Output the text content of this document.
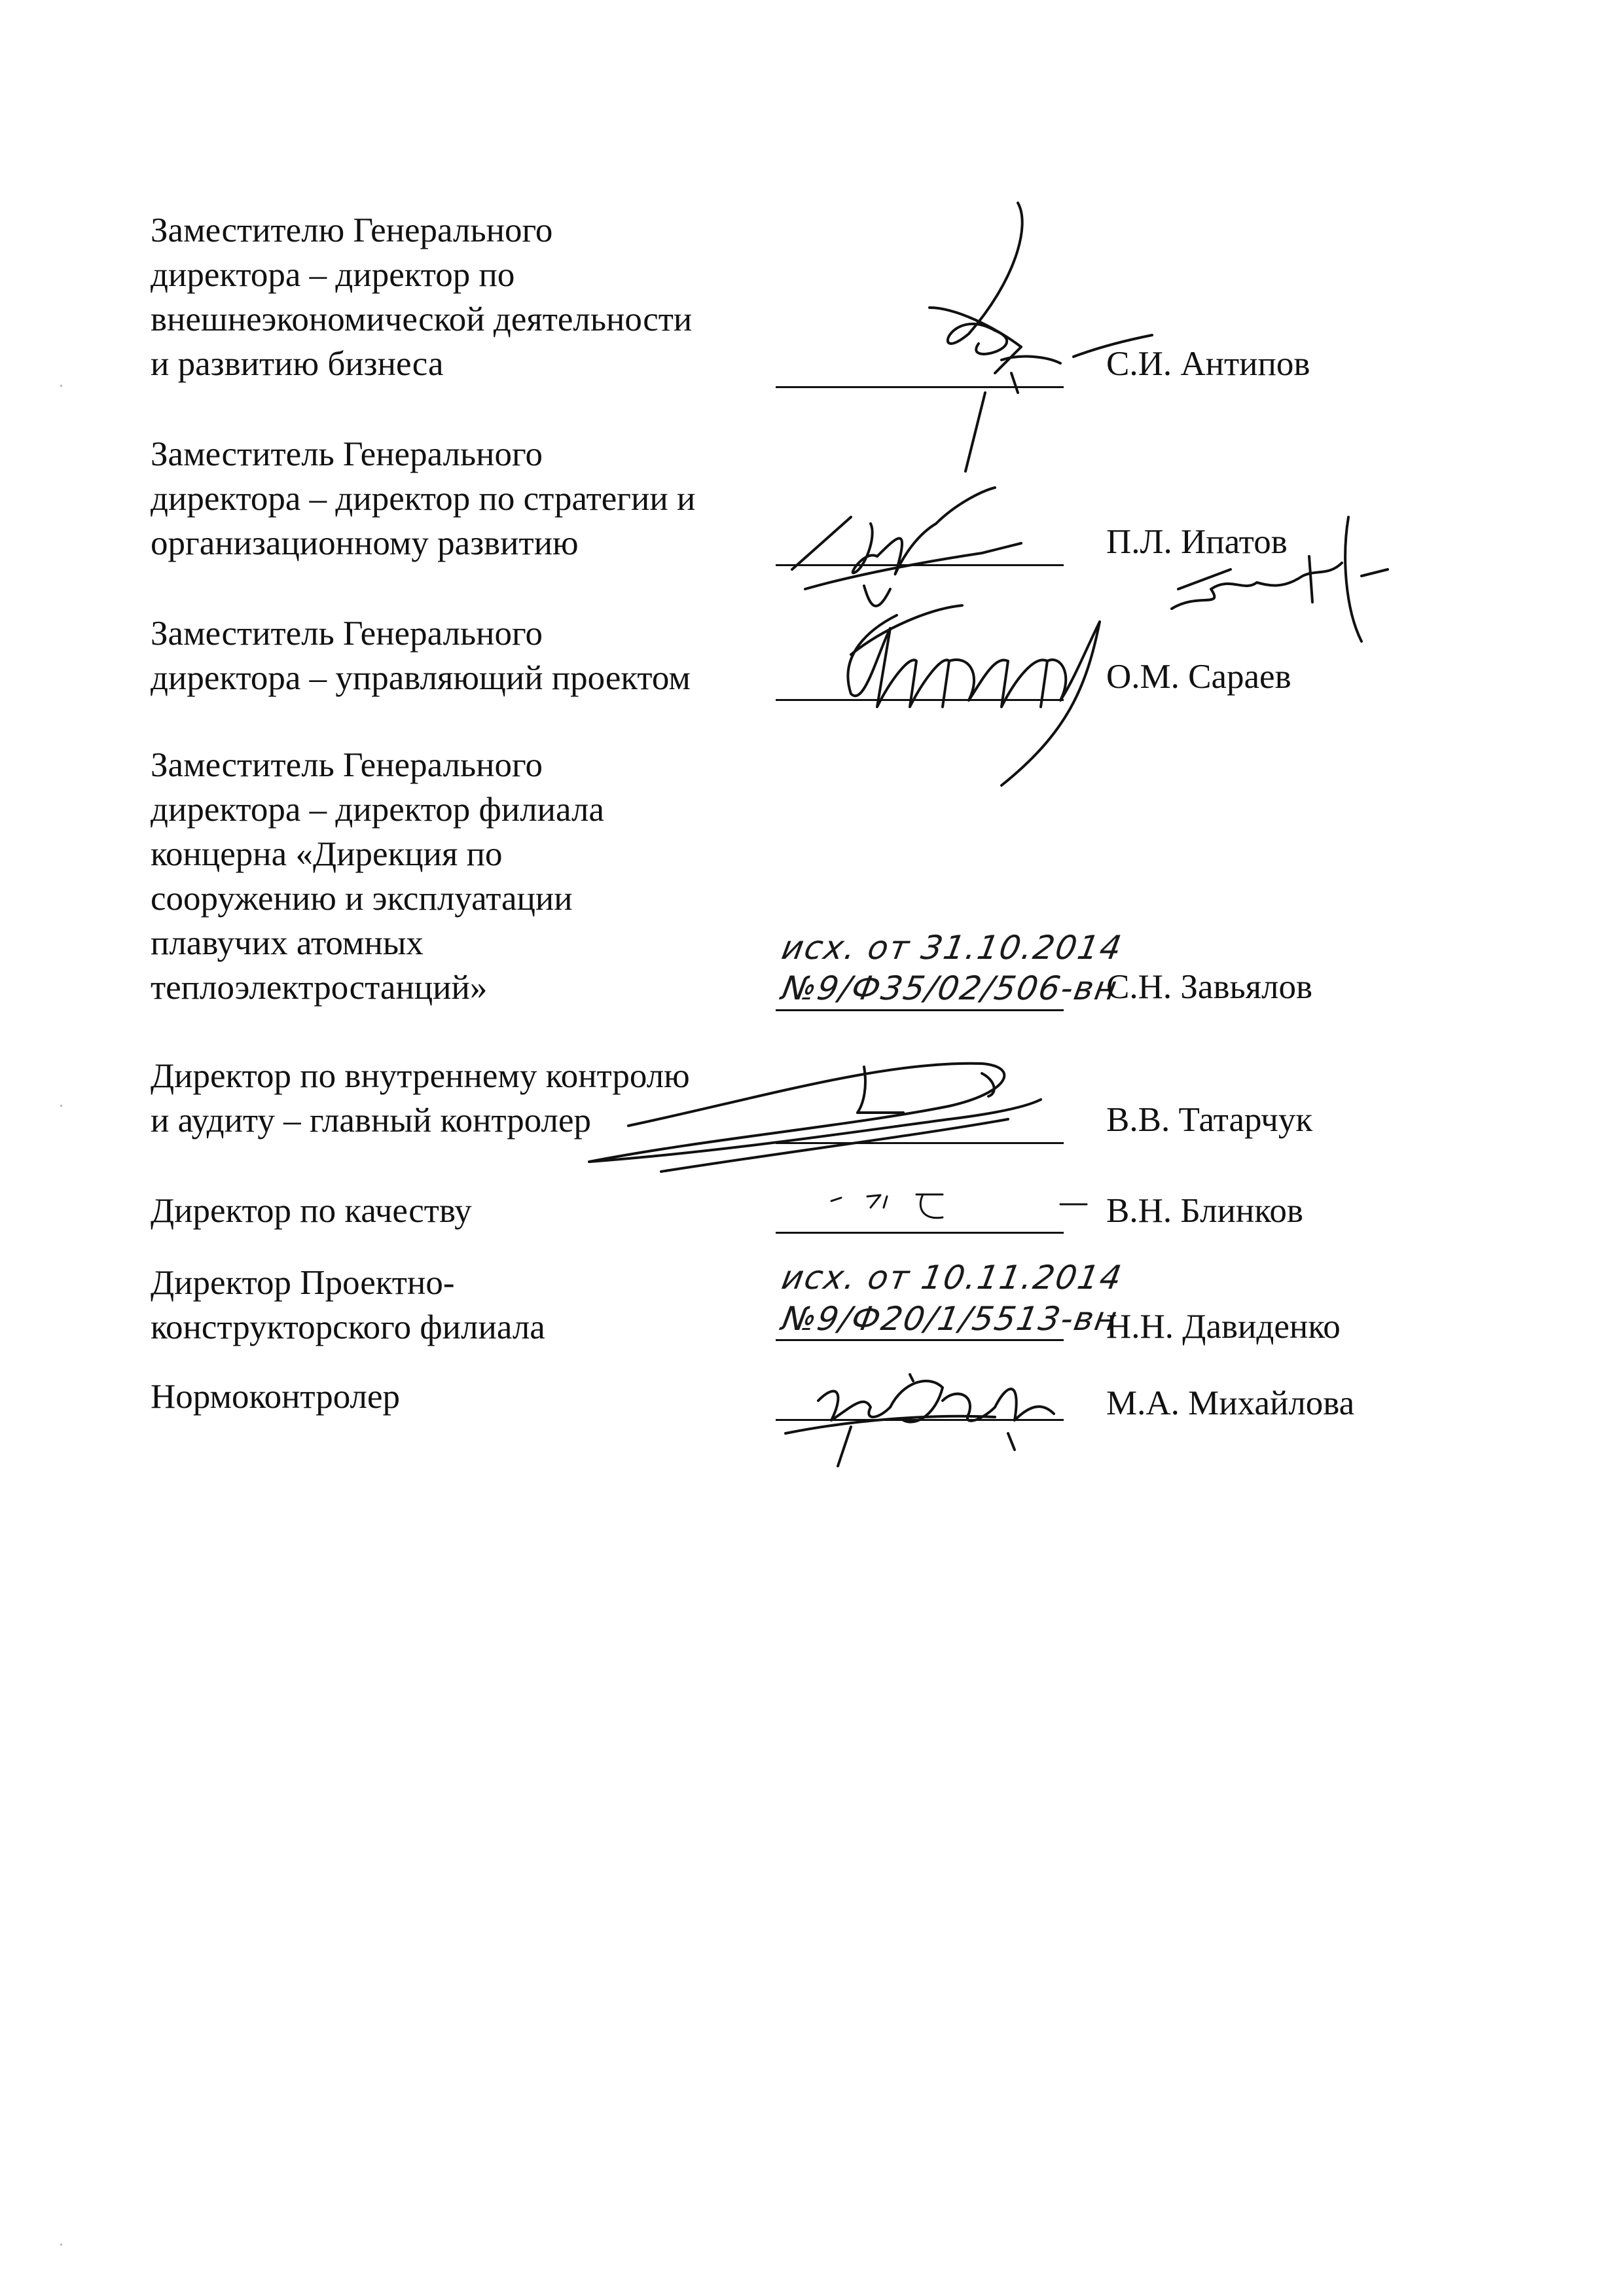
Заместителю Генерального
директора – директор по
внешнеэкономической деятельности
и развитию бизнеса	С.И. Антипов
Заместитель Генерального
директора – директор по стратегии и
организационному развитию	П.Л. Ипатов
Заместитель Генерального
директора – управляющий проектом	О.М. Сараев
Заместитель Генерального
директора – директор филиала
концерна «Дирекция по
сооружению и эксплуатации
плавучих атомных
теплоэлектростанций»
исх. от 31.10.2014
№9/Ф35/02/506-вн
С.Н. Завьялов
Директор по внутреннему контролю
и аудиту – главный контролер	В.В. Татарчук
Директор по качеству	В.Н. Блинков
Директор Проектно-
конструкторского филиала
исх. от 10.11.2014
№9/Ф20/1/5513-вн
Н.Н. Давиденко
Нормоконтролер	М.А. Михайлова
